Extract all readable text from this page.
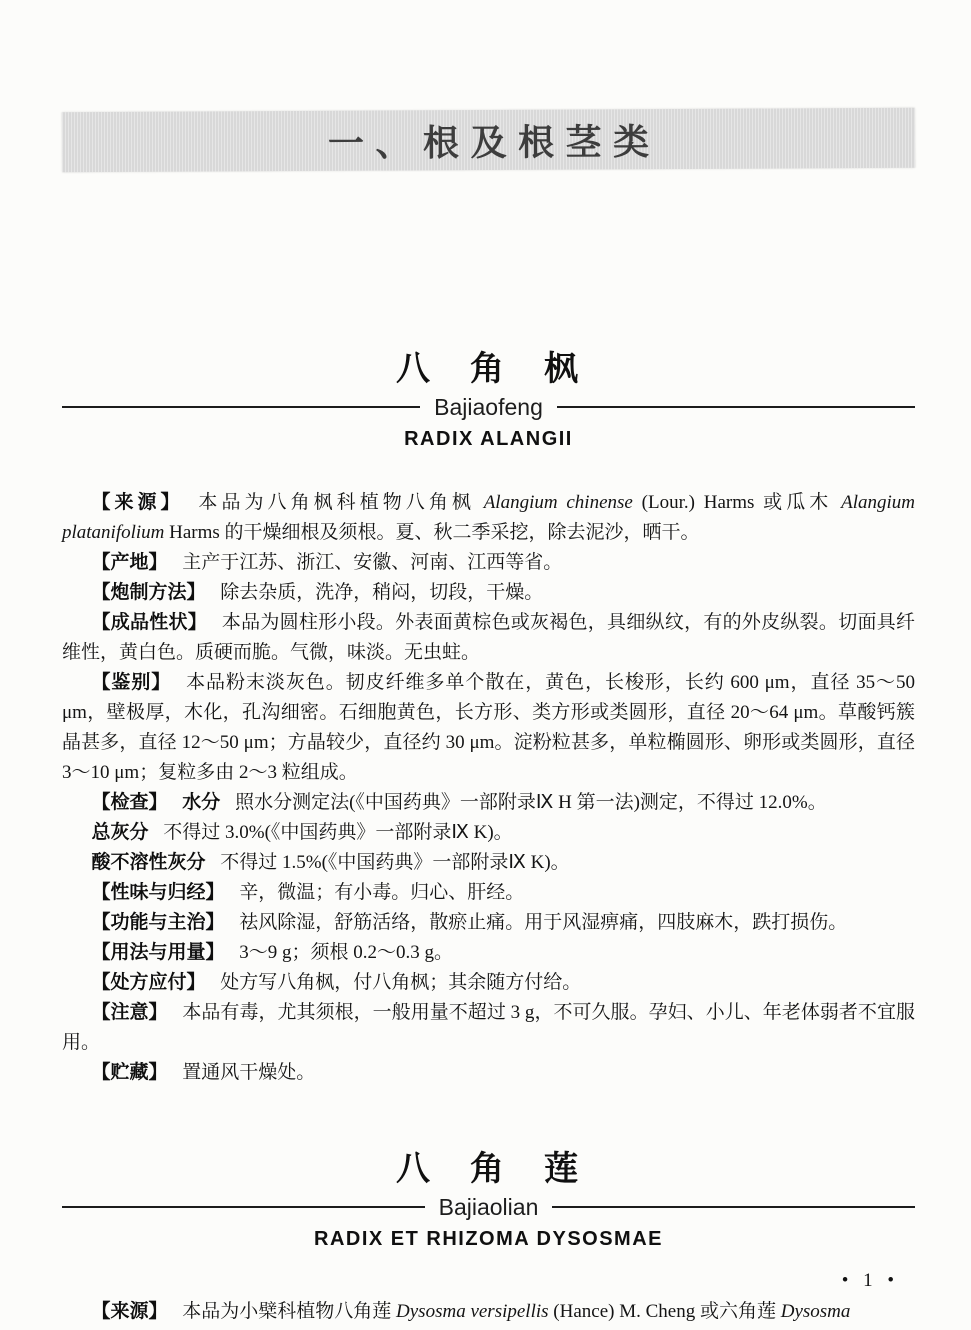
一、根及根茎类
八　角　枫
Bajiaofeng
RADIX ALANGII

【来源】 本品为八角枫科植物八角枫 Alangium chinense (Lour.) Harms 或瓜木 Alangium platanifolium Harms 的干燥细根及须根。夏、秋二季采挖，除去泥沙，晒干。

【产地】 主产于江苏、浙江、安徽、河南、江西等省。

【炮制方法】 除去杂质，洗净，稍闷，切段，干燥。

【成品性状】 本品为圆柱形小段。外表面黄棕色或灰褐色，具细纵纹，有的外皮纵裂。切面具纤维性，黄白色。质硬而脆。气微，味淡。无虫蛀。

【鉴别】 本品粉末淡灰色。韧皮纤维多单个散在，黄色，长梭形，长约 600 μm，直径 35～50 μm，壁极厚，木化，孔沟细密。石细胞黄色，长方形、类方形或类圆形，直径 20～64 μm。草酸钙簇晶甚多，直径 12～50 μm；方晶较少，直径约 30 μm。淀粉粒甚多，单粒椭圆形、卵形或类圆形，直径 3～10 μm；复粒多由 2～3 粒组成。

【检查】 水分 照水分测定法(《中国药典》一部附录Ⅸ H 第一法)测定，不得过 12.0%。

总灰分 不得过 3.0%(《中国药典》一部附录Ⅸ K)。

酸不溶性灰分 不得过 1.5%(《中国药典》一部附录Ⅸ K)。

【性味与归经】 辛，微温；有小毒。归心、肝经。

【功能与主治】 祛风除湿，舒筋活络，散瘀止痛。用于风湿痹痛，四肢麻木，跌打损伤。

【用法与用量】 3～9 g；须根 0.2～0.3 g。

【处方应付】 处方写八角枫，付八角枫；其余随方付给。

【注意】 本品有毒，尤其须根，一般用量不超过 3 g，不可久服。孕妇、小儿、年老体弱者不宜服用。

【贮藏】 置通风干燥处。

八　角　莲
Bajiaolian
RADIX ET RHIZOMA DYSOSMAE

【来源】 本品为小檗科植物八角莲 Dysosma versipellis (Hance) M. Cheng 或六角莲 Dysosma

• 1 •
